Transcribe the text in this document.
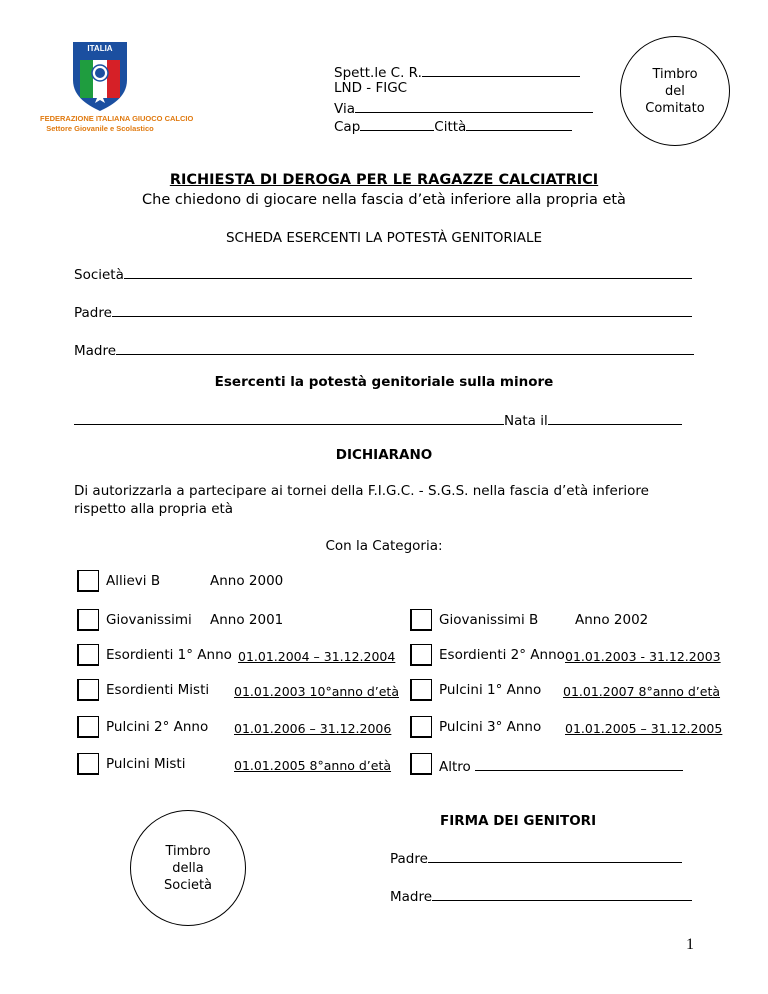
ITALIA
FEDERAZIONE ITALIANA GIUOCO CALCIO
Settore Giovanile e Scolastico
Spett.le C. R.
LND - FIGC
Via
Cap	Città
Timbro
del
Comitato
RICHIESTA DI DEROGA PER LE RAGAZZE CALCIATRICI
Che chiedono di giocare nella fascia d’età inferiore alla propria età
SCHEDA ESERCENTI LA POTESTÀ GENITORIALE
Società
Padre
Madre
Esercenti la potestà genitoriale sulla minore
Nata il
DICHIARANO
Di autorizzarla a partecipare ai tornei della F.I.G.C. - S.G.S. nella fascia d’età inferiore
rispetto alla propria età
Con la Categoria:
Allievi B	Anno 2000
Giovanissimi Anno 2001	Giovanissimi B	Anno 2002
Esordienti 1° Anno 01.01.2004 – 31.12.2004	Esordienti 2° Anno 01.01.2003 - 31.12.2003
Esordienti Misti 01.01.2003 10°anno d’età	Pulcini 1° Anno 01.01.2007 8°anno d’età
Pulcini 2° Anno 01.01.2006 – 31.12.2006	Pulcini 3° Anno 01.01.2005 – 31.12.2005
Pulcini Misti	01.01.2005 8°anno d’età	Altro
FIRMA DEI GENITORI
Timbro
della
Società
Padre
Madre
1
